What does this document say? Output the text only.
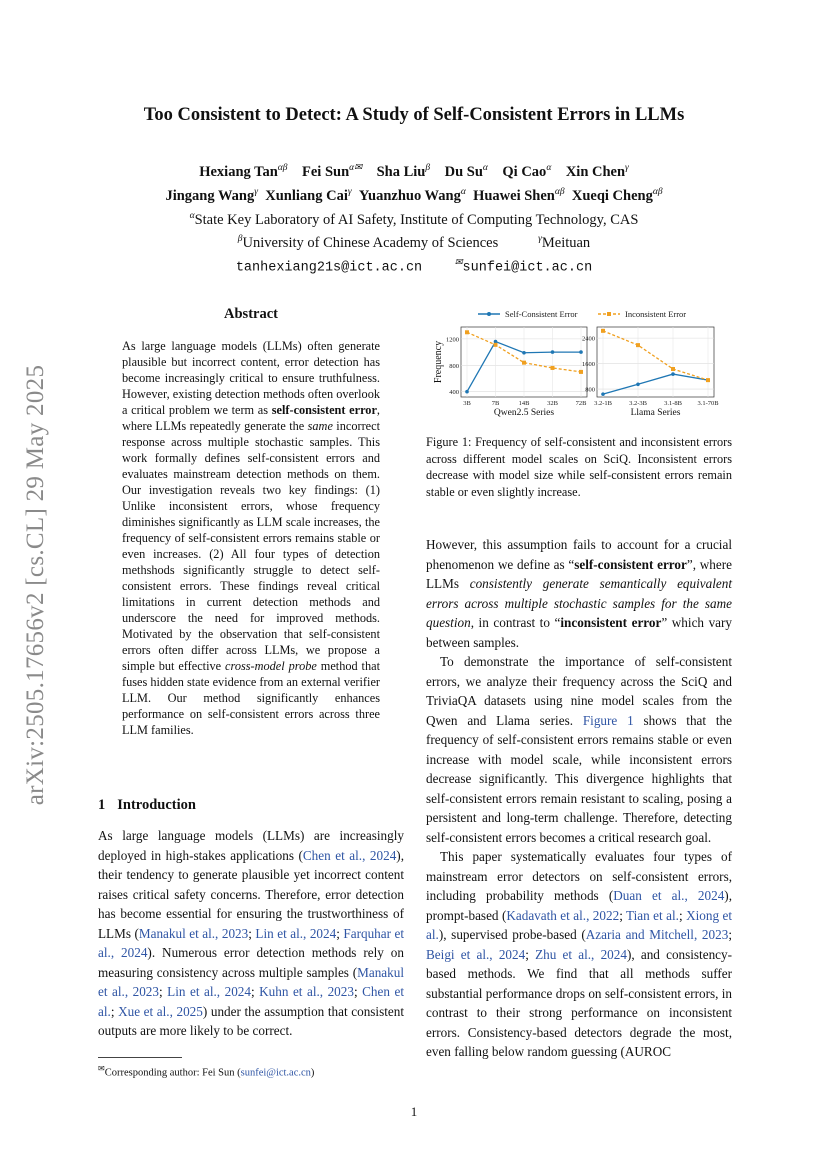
arXiv:2505.17656v2 [cs.CL] 29 May 2025
Too Consistent to Detect: A Study of Self-Consistent Errors in LLMs
Hexiang Tan$^{\alpha\beta}$ Fei Sun$^{\alpha✉}$ Sha Liu$^\beta$ Du $Su^\alpha$ Qi Cao$^\alpha$ Xin Chen$^\gamma$
Jingang Wang$^\gamma$ Xunliang Cai$^\gamma$ Yuanzhuo Wang$^\alpha$ Huawei Shen$^{\alpha\beta}$ Xueqi Cheng$^{\alpha\beta}$
$^\alpha$State Key Laboratory of AI Safety, Institute of Computing Technology, CAS
$^\beta$University of Chinese Academy of Sciences	$^\gamma$Meituan
tanhexiang21s@ict.ac.cn	✉sunfei@ict.ac.cn
Abstract
As large language models (LLMs) often generate plausible but incorrect content, error detection has become increasingly critical to ensure truthfulness. However, existing detection methods often overlook a critical problem we term as self-consistent error, where LLMs repeatedly generate the same incorrect response across multiple stochastic samples. This work formally defines self-consistent errors and evaluates mainstream detection methods on them. Our investigation reveals two key findings: (1) Unlike inconsistent errors, whose frequency diminishes significantly as LLM scale increases, the frequency of self-consistent errors remains stable or even increases. (2) All four types of detection methshods significantly struggle to detect self-consistent errors. These findings reveal critical limitations in current detection methods and underscore the need for improved methods. Motivated by the observation that self-consistent errors often differ across LLMs, we propose a simple but effective cross-model probe method that fuses hidden state evidence from an external verifier LLM. Our method significantly enhances performance on self-consistent errors across three LLM families.
1 Introduction
As large language models (LLMs) are increasingly deployed in high-stakes applications (Chen et al., 2024), their tendency to generate plausible yet incorrect content raises critical safety concerns. Therefore, error detection has become essential for ensuring the trustworthiness of LLMs (Manakul et al., 2023; Lin et al., 2024; Farquhar et al., 2024). Numerous error detection methods rely on measuring consistency across multiple samples (Manakul et al., 2023; Lin et al., 2024; Kuhn et al., 2023; Chen et al.; Xue et al., 2025) under the assumption that consistent outputs are more likely to be correct.
✉Corresponding author: Fei Sun (sunfei@ict.ac.cn)
Self-Consistent Error	Inconsistent Error
Frequency
400
800
1200
3B	7B	14B	32B	72B
Qwen2.5 Series
800
1600
2400
3.2-1B	3.2-3B	3.1-8B 3.1-70B
Llama Series
Figure 1: Frequency of self-consistent and inconsistent errors across different model scales on SciQ. Inconsistent errors decrease with model size while self-consistent errors remain stable or even slightly increase.

However, this assumption fails to account for a crucial phenomenon we define as “self-consistent error”, where LLMs consistently generate semantically equivalent errors across multiple stochastic samples for the same question, in contrast to “inconsistent error” which vary between samples.

To demonstrate the importance of self-consistent errors, we analyze their frequency across the SciQ and TriviaQA datasets using nine model scales from the Qwen and Llama series. Figure 1 shows that the frequency of self-consistent errors remains stable or even increase with model scale, while inconsistent errors decrease significantly. This divergence highlights that self-consistent errors remain resistant to scaling, posing a persistent and long-term challenge. Therefore, detecting self-consistent errors becomes a critical research goal.

This paper systematically evaluates four types of mainstream error detectors on self-consistent errors, including probability methods (Duan et al., 2024), prompt-based (Kadavath et al., 2022; Tian et al.; Xiong et al.), supervised probe-based (Azaria and Mitchell, 2023; Beigi et al., 2024; Zhu et al., 2024), and consistency-based methods. We find that all methods suffer substantial performance drops on self-consistent errors, in contrast to their strong performance on inconsistent errors. Consistency-based detectors degrade the most, even falling below random guessing (AUROC

1
